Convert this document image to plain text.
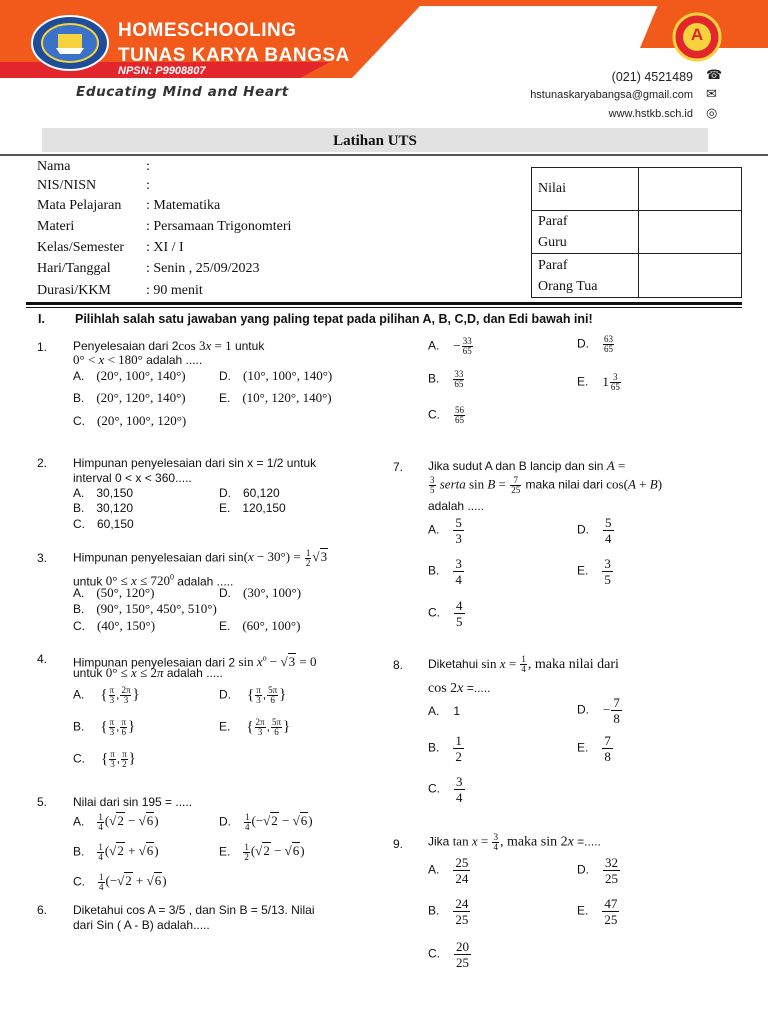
HOMESCHOOLING
TUNAS KARYA BANGSA
NPSN: P9908807
A
Educating Mind and Heart
(021) 4521489 ☎
hstunaskaryabangsa@gmail.com ✉
www.hstkb.sch.id ◎
Latihan UTS
Nama	:
NIS/NISN	:
Mata Pelajaran : Matematika
Materi	: Persamaan Trigonomteri
Kelas/Semester : XI / I
Hari/Tanggal	: Senin , 25/09/2023
Durasi/KKM	: 90 menit
Nilai	
Paraf
Guru	
Paraf
Orang Tua	
I. Pilihlah salah satu jawaban yang paling tepat pada pilihan A, B, C,D, dan Edi bawah ini!
1. Penyelesaian dari 2cos 3x = 1 untuk
0° < x < 180° adalah .....
A. (20°, 100°, 140°)
B. (20°, 120°, 140°)
C. (20°, 100°, 120°)
D. (10°, 100°, 140°)
E. (10°, 120°, 140°)
2. Himpunan penyelesaian dari sin x = 1/2 untuk
interval 0 < x < 360.....
A. 30,150
B. 30,120
C. 60,150
D. 60,120
E. 120,150
3. Himpunan penyelesaian dari $\sin(x - 30^\circ) = \frac{1}{2} √3$
untuk $0^\circ \le x \le 720^0$ adalah .....
A. (50°, 120°)
B. (90°, 150°, 450°, 510°)
C. (40°, 150°)
D. (30°, 100°)
E. (60°, 100°)
4. Himpunan penyelesaian dari 2 $\sin x^o - √3 = 0$
untuk 0° ≤ x ≤ 2π adalah .....
A. { $\frac{\pi}{3}$ , $\frac{2\pi}{3}$ }
B. { $\frac{\pi}{3}$ , $\frac{\pi}{6}$ }
C. { $\frac{\pi}{3}$ , $\frac{\pi}{2}$ }
D. { $\frac{\pi}{3}$ , $\frac{5\pi}{6}$ }
E. { $\frac{2\pi}{3}$ , $\frac{5\pi}{6}$ }
5. Nilai dari sin 195 = .....
A. $\frac{1}{4} (√2 - √6)$
B. $\frac{1}{4} (√2 + √6)$
C. $\frac{1}{4} (-√2 + √6)$
D. $\frac{1}{4} (-√2 - √6)$
E. $\frac{1}{2} (√2 - √6)$
6. Diketahui cos A = 3/5 , dan Sin B = 5/13. Nilai
dari Sin ( A - B) adalah.....
A. − $\frac{33}{65}$
B. $\frac{33}{65}$
C. $\frac{56}{65}$
D. $\frac{63}{65}$
E. $1 \frac{3}{65}$
7. Jika sudut A dan B lancip dan sin A =
$\frac{3}{5}$ serta $\sin B = \frac{7}{25}$ maka nilai dari cos(A + B)
adalah .....
A. $\frac{5}{3}$
B. $\frac{3}{4}$
C. $\frac{4}{5}$
D. $\frac{5}{4}$
E. $\frac{3}{5}$
8. Diketahui $\sin x = \frac{1}{4}$ , maka nilai dari
cos 2x =.....
A. 1
B. $\frac{1}{2}$
C. $\frac{3}{4}$
D. − $\frac{7}{8}$
E. $\frac{7}{8}$
9. Jika $\tan x = \frac{3}{4}$ , maka sin 2x =.....
A. $\frac{25}{24}$
B. $\frac{24}{25}$
C. $\frac{20}{25}$
D. $\frac{32}{25}$
E. $\frac{47}{25}$
